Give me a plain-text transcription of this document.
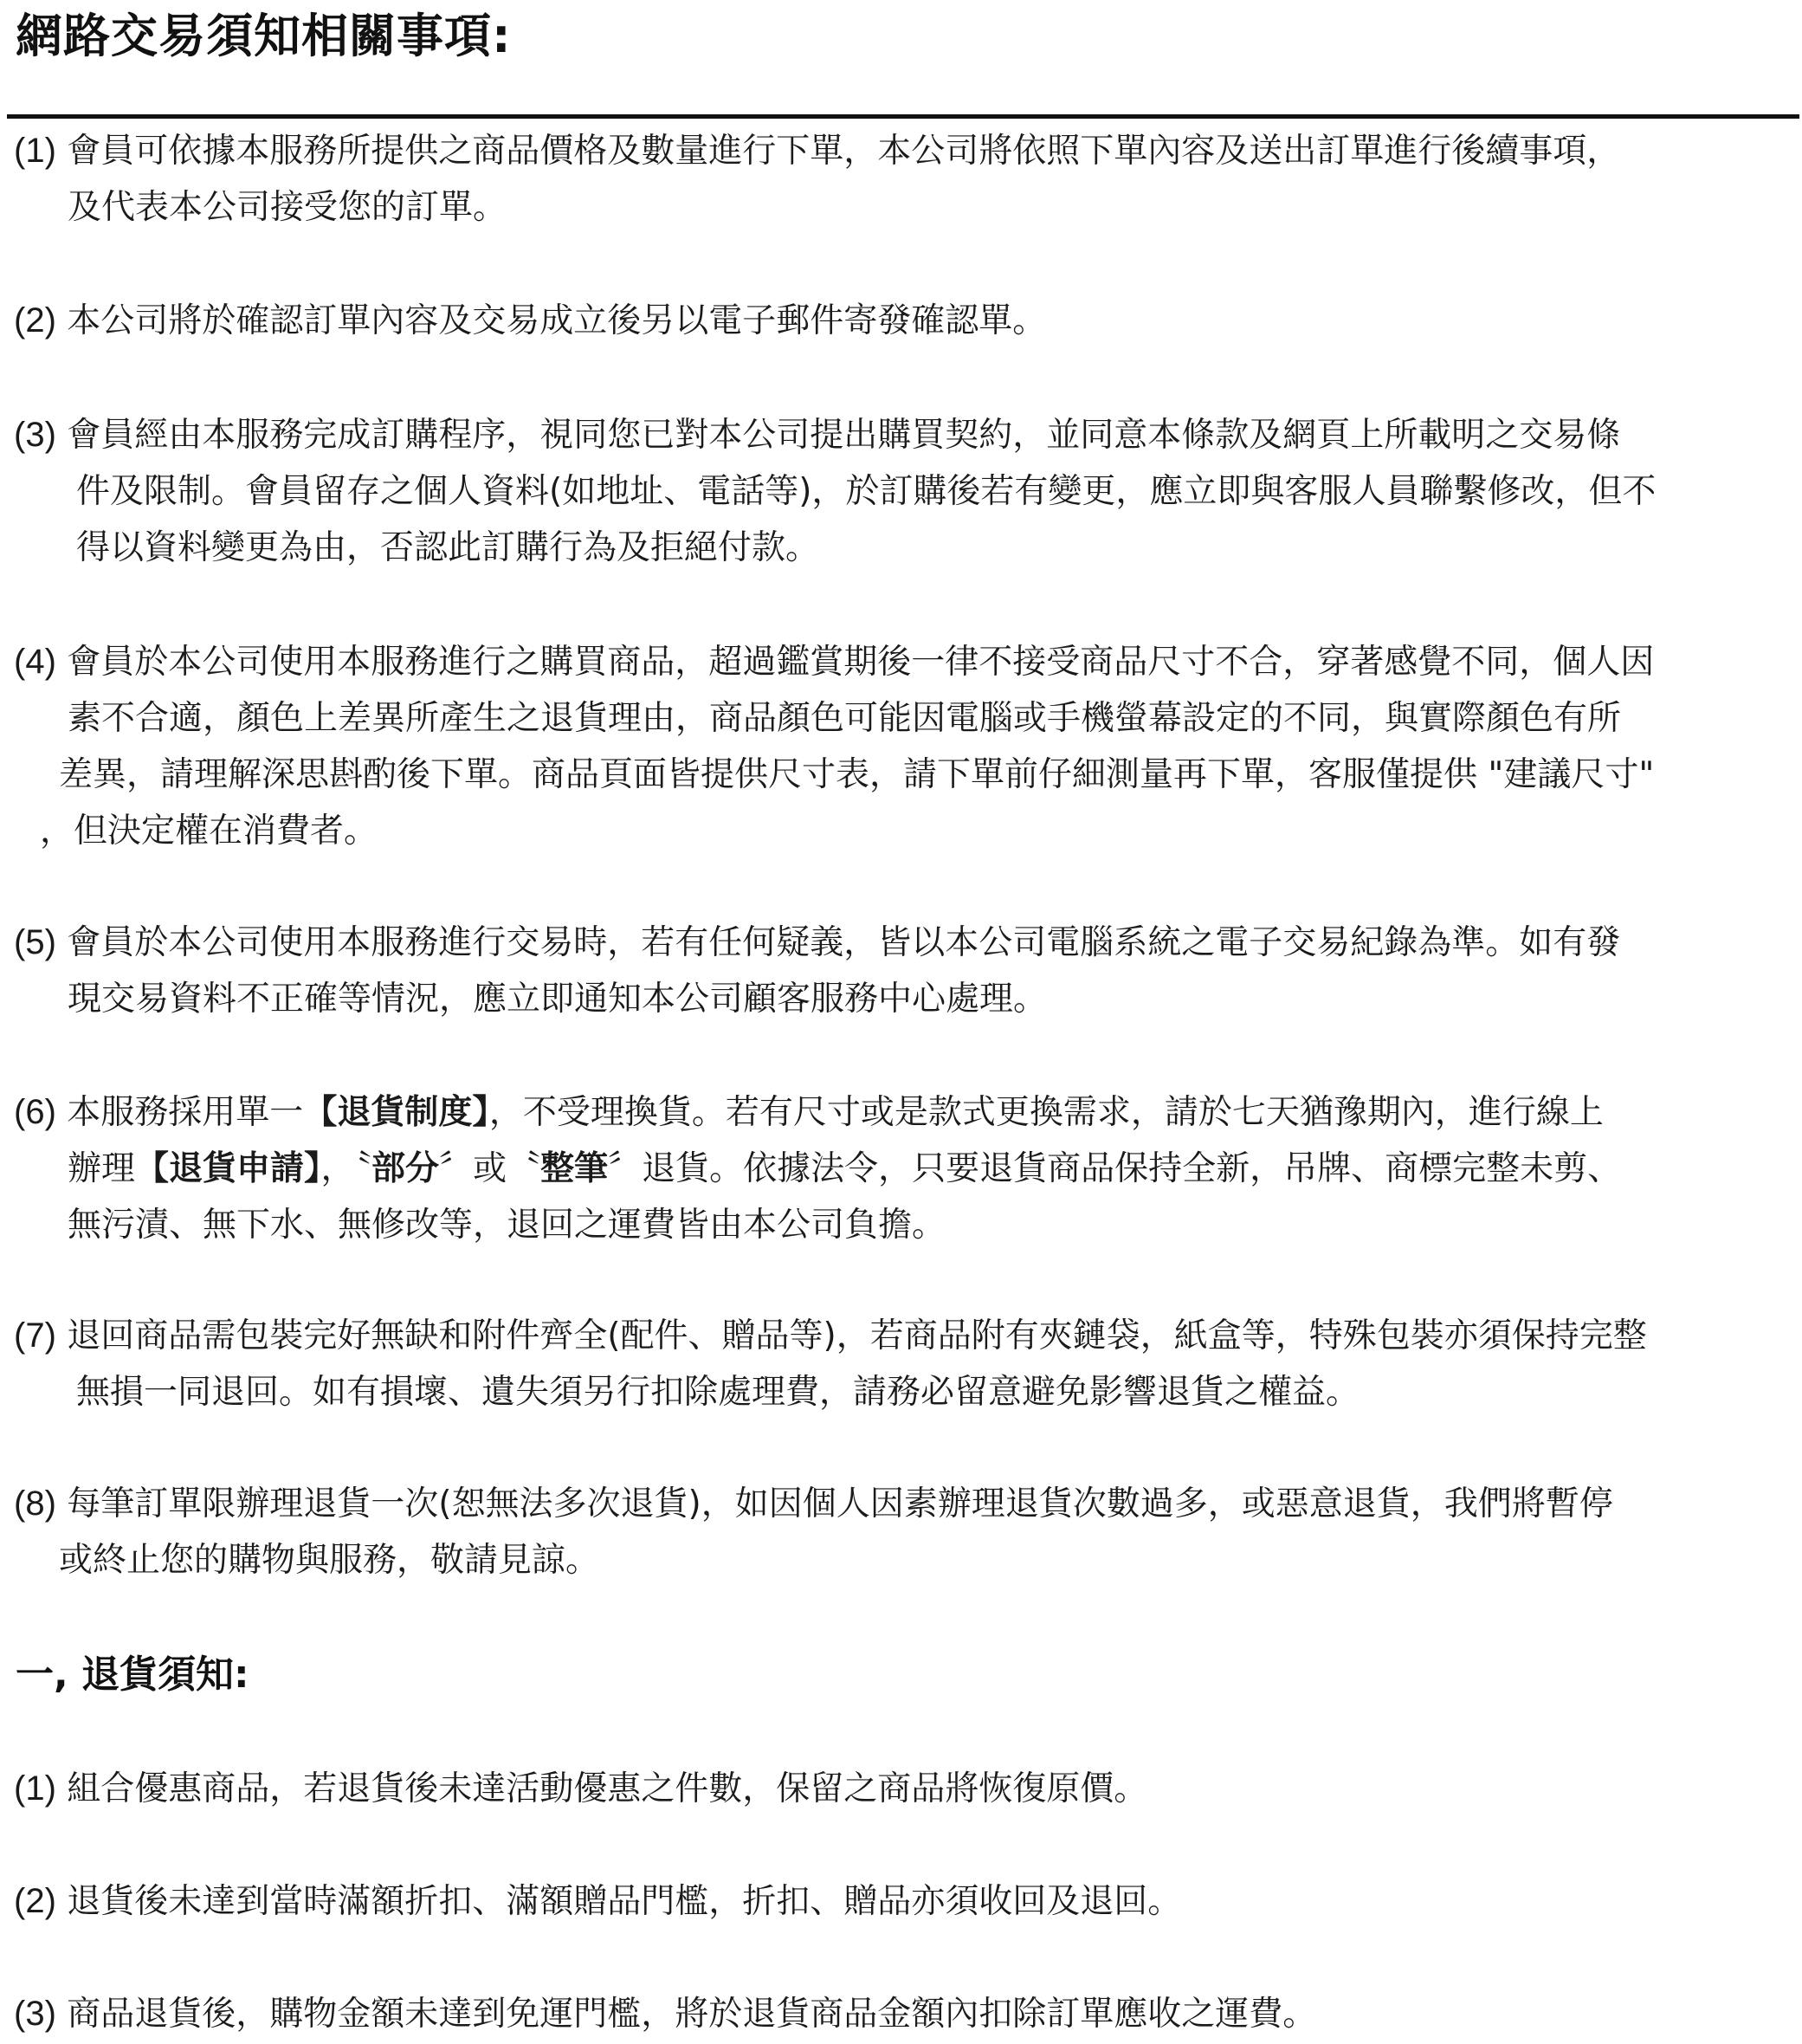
網路交易須知相關事項:

(1) 會員可依據本服務所提供之商品價格及數量進行下單，本公司將依照下單內容及送出訂單進行後續事項，
及代表本公司接受您的訂單。

(2) 本公司將於確認訂單內容及交易成立後另以電子郵件寄發確認單。

(3) 會員經由本服務完成訂購程序，視同您已對本公司提出購買契約，並同意本條款及網頁上所載明之交易條
件及限制。會員留存之個人資料(如地址、電話等)，於訂購後若有變更，應立即與客服人員聯繫修改，但不
得以資料變更為由，否認此訂購行為及拒絕付款。

(4) 會員於本公司使用本服務進行之購買商品，超過鑑賞期後一律不接受商品尺寸不合，穿著感覺不同，個人因
素不合適，顏色上差異所產生之退貨理由，商品顏色可能因電腦或手機螢幕設定的不同，與實際顏色有所
差異，請理解深思斟酌後下單。商品頁面皆提供尺寸表，請下單前仔細測量再下單，客服僅提供 "建議尺寸"
，但決定權在消費者。

(5) 會員於本公司使用本服務進行交易時，若有任何疑義，皆以本公司電腦系統之電子交易紀錄為準。如有發
現交易資料不正確等情況，應立即通知本公司顧客服務中心處理。

(6) 本服務採用單一【退貨制度】，不受理換貨。若有尺寸或是款式更換需求，請於七天猶豫期內，進行線上
辦理【退貨申請】，〝部分〞或〝整筆〞退貨。依據法令，只要退貨商品保持全新，吊牌、商標完整未剪、
無污漬、無下水、無修改等，退回之運費皆由本公司負擔。

(7) 退回商品需包裝完好無缺和附件齊全(配件、贈品等)，若商品附有夾鏈袋，紙盒等，特殊包裝亦須保持完整
無損一同退回。如有損壞、遺失須另行扣除處理費，請務必留意避免影響退貨之權益。

(8) 每筆訂單限辦理退貨一次(恕無法多次退貨)，如因個人因素辦理退貨次數過多，或惡意退貨，我們將暫停
或終止您的購物與服務，敬請見諒。

一, 退貨須知:

(1) 組合優惠商品，若退貨後未達活動優惠之件數，保留之商品將恢復原價。

(2) 退貨後未達到當時滿額折扣、滿額贈品門檻，折扣、贈品亦須收回及退回。

(3) 商品退貨後，購物金額未達到免運門檻，將於退貨商品金額內扣除訂單應收之運費。
